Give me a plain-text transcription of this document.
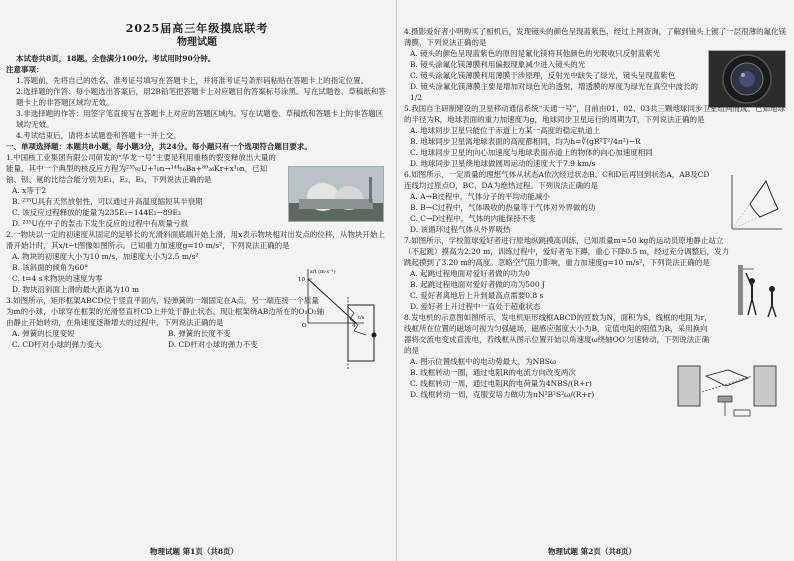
2025届高三年级摸底联考
物理试题

本试卷共8页，18题。全卷满分100分。考试用时90分钟。

注意事项：

1.答题前，先将自己的姓名、准考证号填写在答题卡上，并将准考证号条形码粘贴在答题卡上的指定位置。

2.选择题的作答：每小题选出答案后，用2B铅笔把答题卡上对应题目的答案标号涂黑。写在试题卷、草稿纸和答题卡上的非答题区域均无效。

3.非选择题的作答：用签字笔直接写在答题卡上对应的答题区域内。写在试题卷、草稿纸和答题卡上的非答题区域均无效。

4.考试结束后，请将本试题卷和答题卡一并上交。

一、单项选择题：本题共8小题，每小题3分，共24分。每小题只有一个选项符合题目要求。

1.中国核工业集团有限公司研发的“华龙一号”主要是利用重核的裂变释放出大量的能量，其中一个典型的核反应方程为²³⁵₉₂U+¹₀n→¹⁴⁴₅₆Ba+⁸⁹₃₆Kr+x¹₀n，已知铀、钡、氪的比结合能分别为E₁、E₂、E₃，下列说法正确的是

A. x等于2

B. ²³⁵U具有天然放射性，可以通过升高温度缩短其半衰期

C. 该反应过程释放的能量为235E₁−144E₂−89E₃

D. ²³⁵U在中子的轰击下发生反应的过程中有质量亏损

2.一物块以一定的初速度从固定的足够长的光滑斜面底端开始上滑，用x表示物块相对出发点的位移，从物块开始上滑开始计时，其x/t−t图像如图所示。已知重力加速度g=10 m/s²，下列说法正确的是

A. 物块的初速度大小为10 m/s，加速度大小为2.5 m/s²

B. 该斜面的倾角为60°

C. t=4 s末物块的速度为零

D. 物块沿斜面上滑的最大距离为10 m

x/t (m·s⁻¹)
10
O	4
t/s

3.如图所示，矩形框架ABCD位于竖直平面内，轻弹簧的一端固定在A点，另一端连接一个质量为m的小球，小球穿在框架的光滑竖直杆CD上并处于静止状态。现让框架绕AB边所在的O₁O₂轴由静止开始转动，在角速度逐渐增大的过程中，下列说法正确的是

A. 弹簧的长度变短	B. 弹簧的长度不变

C. CD杆对小球的弹力变大	D. CD杆对小球的弹力不变

4.摄影爱好者小明购买了相机后，发现镜头的颜色呈现蓝紫色，经过上网查询，了解到镜头上镀了一层很薄的氟化镁薄膜，下列说法正确的是

A. 镜头的颜色呈现蓝紫色的原因是氟化镁将其他颜色的光吸收只反射蓝紫光

B. 镜头涂氟化镁薄膜利用偏振现象减少进入镜头的光

C. 镜头涂氟化镁薄膜利用薄膜干涉原理，反射光中缺失了绿光，镜头呈现蓝紫色

D. 镜头涂氟化镁薄膜主要是增加对绿色光的透射，增透膜的厚度为绿光在真空中波长的1/2

5.我国自主研制建设的卫星移动通信系统“天通一号”，目前由01、02、03共三颗地球同步卫星组网而成。已知地球的半径为R，地球表面的重力加速度为g，地球同步卫星运行的周期为T，下列说法正确的是

A. 地球同步卫星只能位于赤道上方某一高度的稳定轨道上

B. 地球同步卫星离地球表面的高度都相同，均为h=∛(gR²T²/4π²)−R

C. 地球同步卫星的向心加速度与地球表面赤道上的物体的向心加速度相同

D. 地球同步卫星绕地球做圆周运动的速度大于7.9 km/s

6.如图所示，一定质量的理想气体从状态A依次经过状态B、C和D后再回到状态A，AB及CD连线均过原点O，BC、DA为绝热过程。下列说法正确的是

A. A→B过程中，气体分子的平均动能减小

B. B→C过程中，气体吸收的热量等于气体对外界做的功

C. C→D过程中，气体的内能保持不变

D. 该循环过程气体从外界吸热

7.如图所示，学校篮球爱好者进行原地纵跳摸高训练，已知质量m=50 kg的运动员原地静止站立（不起跳）摸高为2.20 m，训练过程中，爱好者先下蹲，重心下降0.5 m，经过充分调整后，发力跳起摸到了3.20 m的高度。忽略空气阻力影响，重力加速度g=10 m/s²，下列说法正确的是

A. 起跳过程地面对爱好者做的功为0

B. 起跳过程地面对爱好者做的功为500 J

C. 爱好者离地后上升到最高点需要0.8 s

D. 爱好者上升过程中一直处于超重状态

8.发电机的示意图如图所示，发电机矩形线框ABCD的匝数为N，面积为S，线框的电阻为r，线框所在位置的磁场可视为匀强磁场，磁感应强度大小为B，定值电阻的阻值为R，采用换向器将交流电变成直流电，若线框从图示位置开始以角速度ω绕轴OO′匀速转动，下列说法正确的是

A. 图示位置线框中的电动势最大，为NBSω

B. 线框转动一圈，通过电阻R的电流方向改变两次

C. 线框转动一周，通过电阻R的电荷量为4NBS/(R+r)

D. 线框转动一周，克服安培力做功为πN²B²S²ω/(R+r)

物理试题 第1页（共8页）	物理试题 第2页（共8页）
